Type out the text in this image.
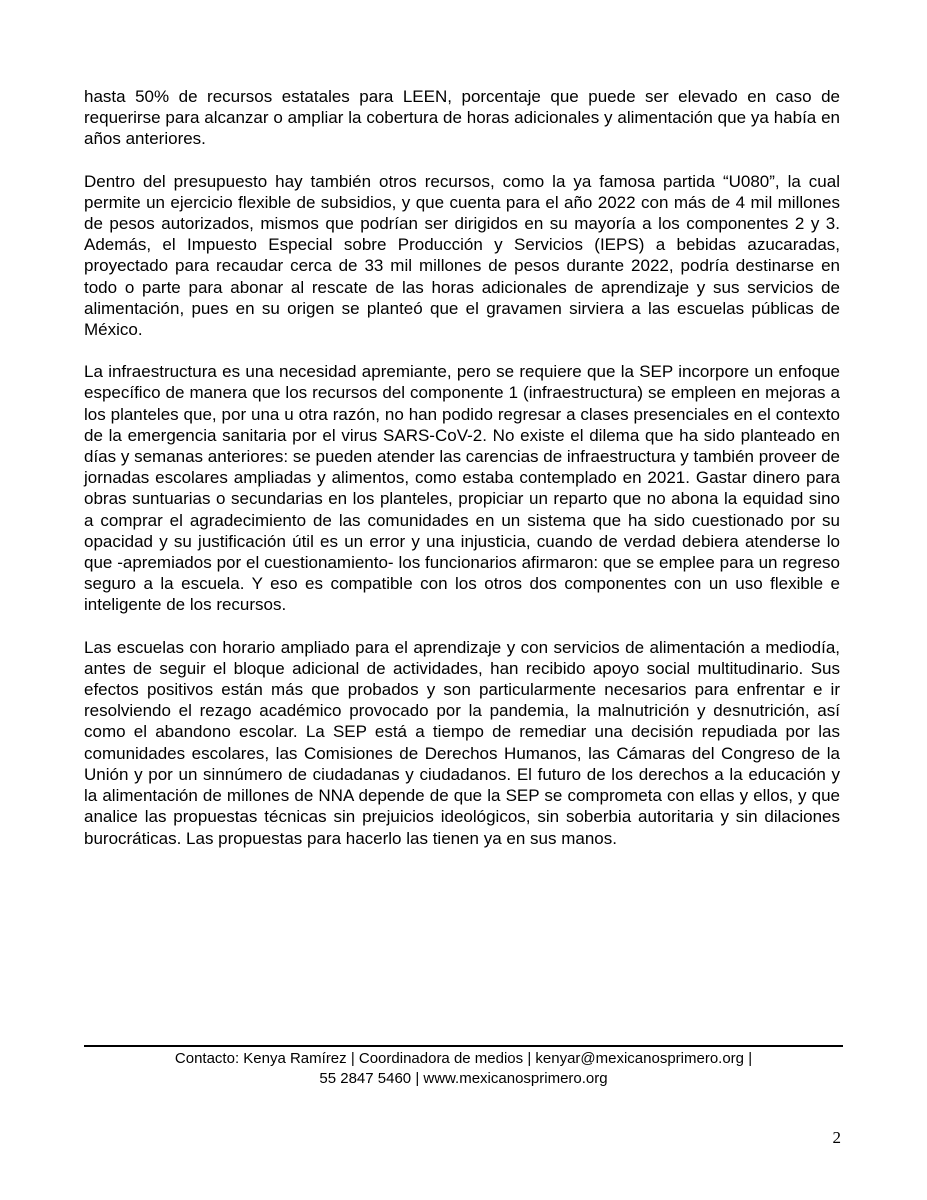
hasta 50% de recursos estatales para LEEN, porcentaje que puede ser elevado en caso de requerirse para alcanzar o ampliar la cobertura de horas adicionales y alimentación que ya había en años anteriores.

Dentro del presupuesto hay también otros recursos, como la ya famosa partida “U080”, la cual permite un ejercicio flexible de subsidios, y que cuenta para el año 2022 con más de 4 mil millones de pesos autorizados, mismos que podrían ser dirigidos en su mayoría a los componentes 2 y 3. Además, el Impuesto Especial sobre Producción y Servicios (IEPS) a bebidas azucaradas, proyectado para recaudar cerca de 33 mil millones de pesos durante 2022, podría destinarse en todo o parte para abonar al rescate de las horas adicionales de aprendizaje y sus servicios de alimentación, pues en su origen se planteó que el gravamen sirviera a las escuelas públicas de México.

La infraestructura es una necesidad apremiante, pero se requiere que la SEP incorpore un enfoque específico de manera que los recursos del componente 1 (infraestructura) se empleen en mejoras a los planteles que, por una u otra razón, no han podido regresar a clases presenciales en el contexto de la emergencia sanitaria por el virus SARS-CoV-2. No existe el dilema que ha sido planteado en días y semanas anteriores: se pueden atender las carencias de infraestructura y también proveer de jornadas escolares ampliadas y alimentos, como estaba contemplado en 2021. Gastar dinero para obras suntuarias o secundarias en los planteles, propiciar un reparto que no abona la equidad sino a comprar el agradecimiento de las comunidades en un sistema que ha sido cuestionado por su opacidad y su justificación útil es un error y una injusticia, cuando de verdad debiera atenderse lo que -apremiados por el cuestionamiento- los funcionarios afirmaron: que se emplee para un regreso seguro a la escuela. Y eso es compatible con los otros dos componentes con un uso flexible e inteligente de los recursos.

Las escuelas con horario ampliado para el aprendizaje y con servicios de alimentación a mediodía, antes de seguir el bloque adicional de actividades, han recibido apoyo social multitudinario. Sus efectos positivos están más que probados y son particularmente necesarios para enfrentar e ir resolviendo el rezago académico provocado por la pandemia, la malnutrición y desnutrición, así como el abandono escolar. La SEP está a tiempo de remediar una decisión repudiada por las comunidades escolares, las Comisiones de Derechos Humanos, las Cámaras del Congreso de la Unión y por un sinnúmero de ciudadanas y ciudadanos. El futuro de los derechos a la educación y la alimentación de millones de NNA depende de que la SEP se comprometa con ellas y ellos, y que analice las propuestas técnicas sin prejuicios ideológicos, sin soberbia autoritaria y sin dilaciones burocráticas. Las propuestas para hacerlo las tienen ya en sus manos.

Contacto: Kenya Ramírez | Coordinadora de medios | kenyar@mexicanosprimero.org |
55 2847 5460 | www.mexicanosprimero.org
2
